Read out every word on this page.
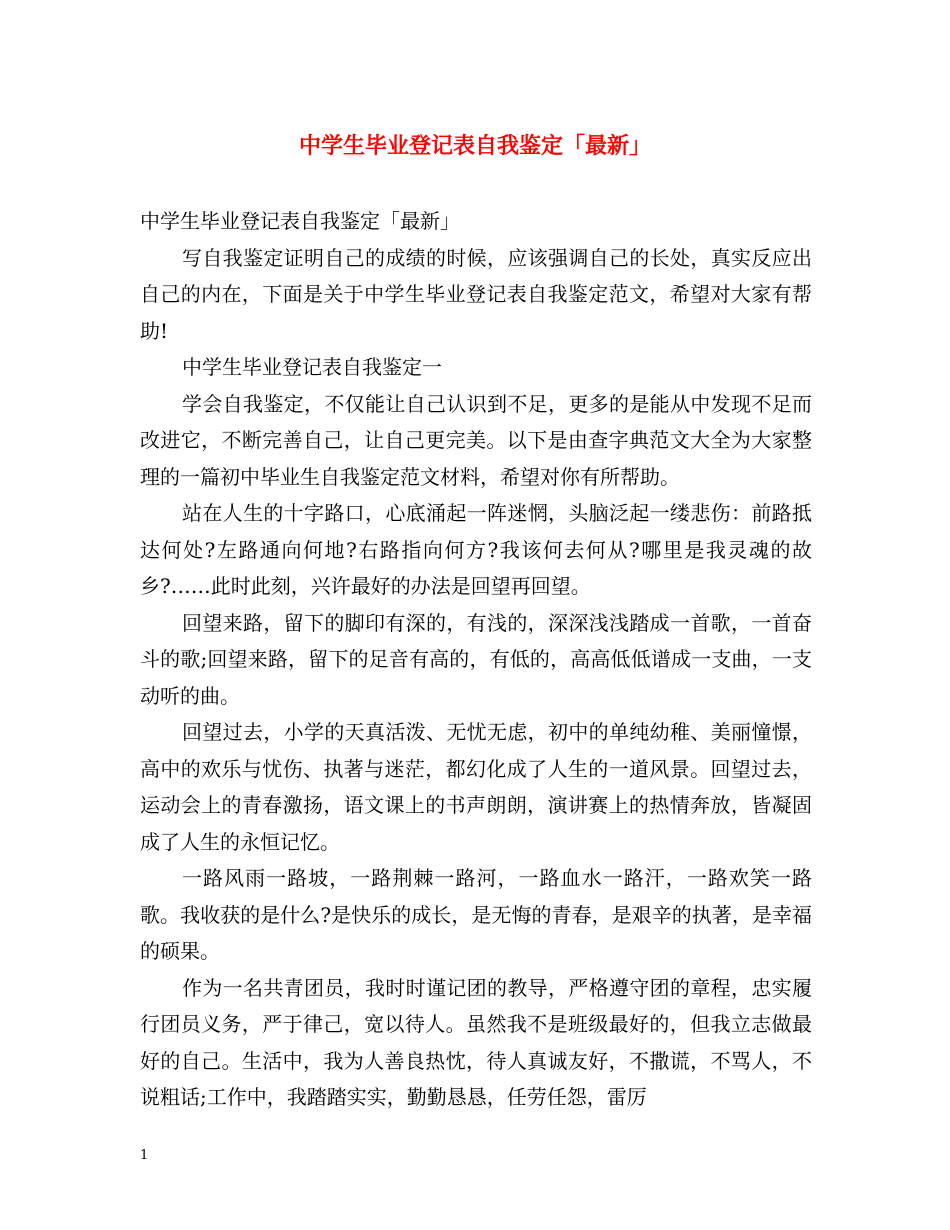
中学生毕业登记表自我鉴定「最新」

中学生毕业登记表自我鉴定「最新」

写自我鉴定证明自己的成绩的时候，应该强调自己的长处，真实反应出自己的内在，下面是关于中学生毕业登记表自我鉴定范文，希望对大家有帮助!

中学生毕业登记表自我鉴定一

学会自我鉴定，不仅能让自己认识到不足，更多的是能从中发现不足而改进它，不断完善自己，让自己更完美。以下是由查字典范文大全为大家整理的一篇初中毕业生自我鉴定范文材料，希望对你有所帮助。

站在人生的十字路口，心底涌起一阵迷惘，头脑泛起一缕悲伤：前路抵达何处?左路通向何地?右路指向何方?我该何去何从?哪里是我灵魂的故乡?……此时此刻，兴许最好的办法是回望再回望。

回望来路，留下的脚印有深的，有浅的，深深浅浅踏成一首歌，一首奋斗的歌;回望来路，留下的足音有高的，有低的，高高低低谱成一支曲，一支动听的曲。

回望过去，小学的天真活泼、无忧无虑，初中的单纯幼稚、美丽憧憬，高中的欢乐与忧伤、执著与迷茫，都幻化成了人生的一道风景。回望过去，运动会上的青春激扬，语文课上的书声朗朗，演讲赛上的热情奔放，皆凝固成了人生的永恒记忆。

一路风雨一路坡，一路荆棘一路河，一路血水一路汗，一路欢笑一路歌。我收获的是什么?是快乐的成长，是无悔的青春，是艰辛的执著，是幸福的硕果。

作为一名共青团员，我时时谨记团的教导，严格遵守团的章程，忠实履行团员义务，严于律己，宽以待人。虽然我不是班级最好的，但我立志做最好的自己。生活中，我为人善良热忱，待人真诚友好，不撒谎，不骂人，不说粗话;工作中，我踏踏实实，勤勤恳恳，任劳任怨，雷厉

1
